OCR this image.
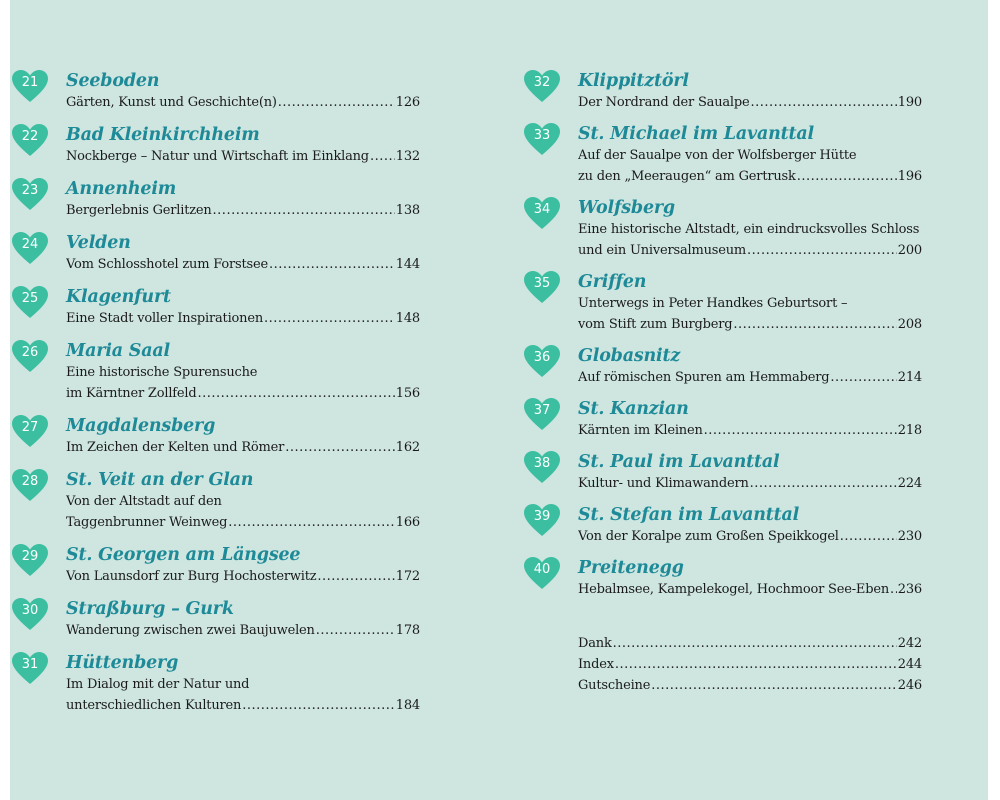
21	Seeboden
Gärten, Kunst und Geschichte(n) .....	126
22	Bad Kleinkirchheim
Nockberge – Natur und Wirtschaft im Einklang ..... 132
23	Annenheim
Bergerlebnis Gerlitzen .....	138
24	Velden
Vom Schlosshotel zum Forstsee .....	144
25	Klagenfurt
Eine Stadt voller Inspirationen .....	148
26	Maria Saal
Eine historische Spurensuche
im Kärntner Zollfeld .....	156
27	Magdalensberg
Im Zeichen der Kelten und Römer .....	162
28	St. Veit an der Glan
Von der Altstadt auf den
Taggenbrunner Weinweg .....	166
29	St. Georgen am Längsee
Von Launsdorf zur Burg Hochosterwitz .....	172
30	Straßburg – Gurk
Wanderung zwischen zwei Baujuwelen .....	178
31	Hüttenberg
Im Dialog mit der Natur und
unterschiedlichen Kulturen .....	184
32	Klippitztörl
Der Nordrand der Saualpe .....	190
33	St. Michael im Lavanttal
Auf der Saualpe von der Wolfsberger Hütte
zu den „Meeraugen“ am Gertrusk .....	196
34	Wolfsberg
Eine historische Altstadt, ein eindrucksvolles Schloss
und ein Universalmuseum .....	200
35	Griffen
Unterwegs in Peter Handkes Geburtsort –
vom Stift zum Burgberg .....	208
36	Globasnitz
Auf römischen Spuren am Hemmaberg .....	214
37	St. Kanzian
Kärnten im Kleinen .....	218
38	St. Paul im Lavanttal
Kultur- und Klimawandern .....	224
39	St. Stefan im Lavanttal
Von der Koralpe zum Großen Speikkogel .....	230
40	Preitenegg
Hebalmsee, Kampelekogel, Hochmoor See-Eben ..... 236
Dank .....	242
Index .....	244
Gutscheine .....	246
